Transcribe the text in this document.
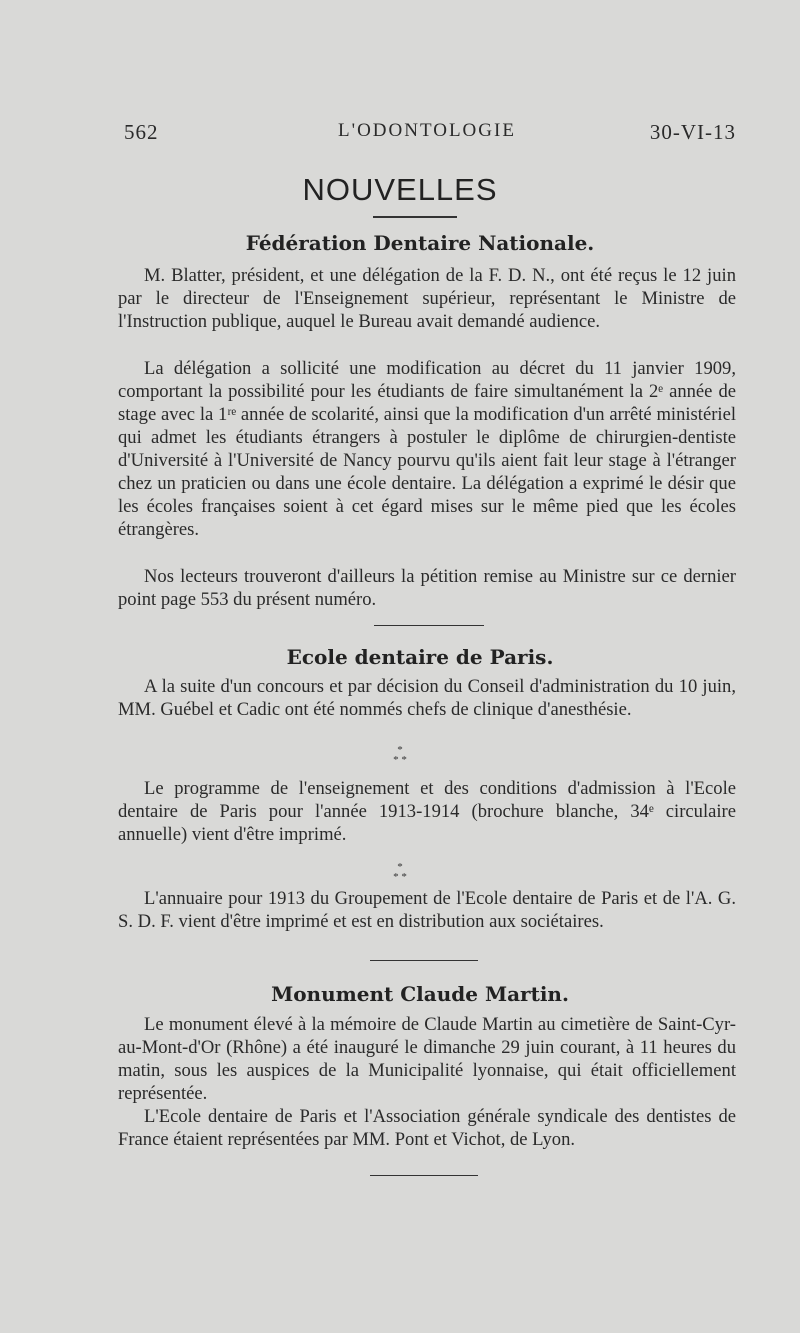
562	L'ODONTOLOGIE	30-VI-13
NOUVELLES
Fédération Dentaire Nationale.

M. Blatter, président, et une délégation de la F. D. N., ont été reçus le 12 juin par le directeur de l'Enseignement supérieur, représentant le Ministre de l'Instruction publique, auquel le Bureau avait demandé audience.

La délégation a sollicité une modification au décret du 11 janvier 1909, comportant la possibilité pour les étudiants de faire simultanément la 2ᵉ année de stage avec la 1ʳᵉ année de scolarité, ainsi que la modification d'un arrêté ministériel qui admet les étudiants étrangers à postuler le diplôme de chirurgien-dentiste d'Université à l'Université de Nancy pourvu qu'ils aient fait leur stage à l'étranger chez un praticien ou dans une école dentaire. La délégation a exprimé le désir que les écoles françaises soient à cet égard mises sur le même pied que les écoles étrangères.

Nos lecteurs trouveront d'ailleurs la pétition remise au Ministre sur ce dernier point page 553 du présent numéro.

Ecole dentaire de Paris.

A la suite d'un concours et par décision du Conseil d'administration du 10 juin, MM. Guébel et Cadic ont été nommés chefs de clinique d'anesthésie.

*
* *

Le programme de l'enseignement et des conditions d'admission à l'Ecole dentaire de Paris pour l'année 1913-1914 (brochure blanche, 34ᵉ circulaire annuelle) vient d'être imprimé.

*
* *

L'annuaire pour 1913 du Groupement de l'Ecole dentaire de Paris et de l'A. G. S. D. F. vient d'être imprimé et est en distribution aux sociétaires.

Monument Claude Martin.

Le monument élevé à la mémoire de Claude Martin au cimetière de Saint-Cyr-au-Mont-d'Or (Rhône) a été inauguré le dimanche 29 juin courant, à 11 heures du matin, sous les auspices de la Municipalité lyonnaise, qui était officiellement représentée.

L'Ecole dentaire de Paris et l'Association générale syndicale des dentistes de France étaient représentées par MM. Pont et Vichot, de Lyon.
